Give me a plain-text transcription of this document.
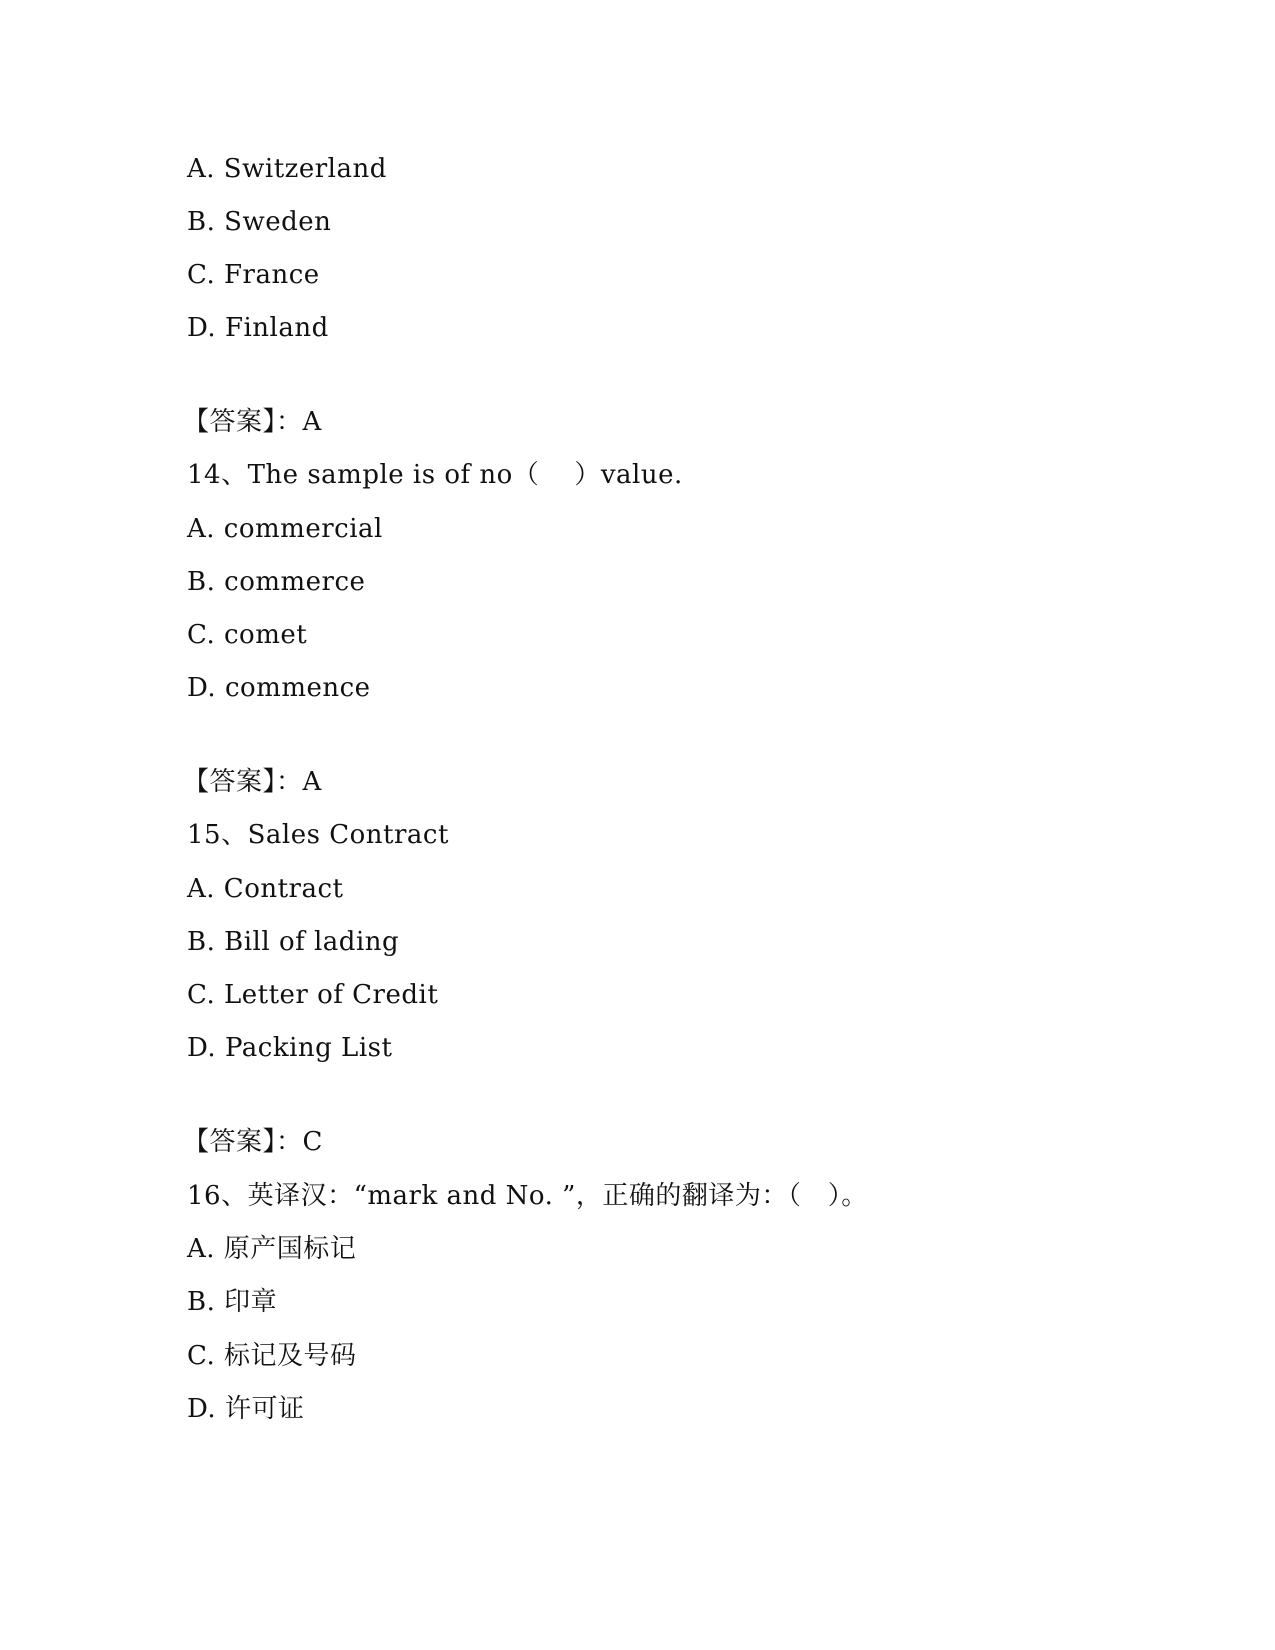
A. Switzerland
B. Sweden
C. France
D. Finland
【答案】：A
14、The sample is of no（    ）value.
A. commercial
B. commerce
C. comet
D. commence
【答案】：A
15、Sales Contract
A. Contract
B. Bill of lading
C. Letter of Credit
D. Packing List
【答案】：C
16、英译汉：“mark and No. ”，正确的翻译为：（   ）。
A. 原产国标记
B. 印章
C. 标记及号码
D. 许可证
